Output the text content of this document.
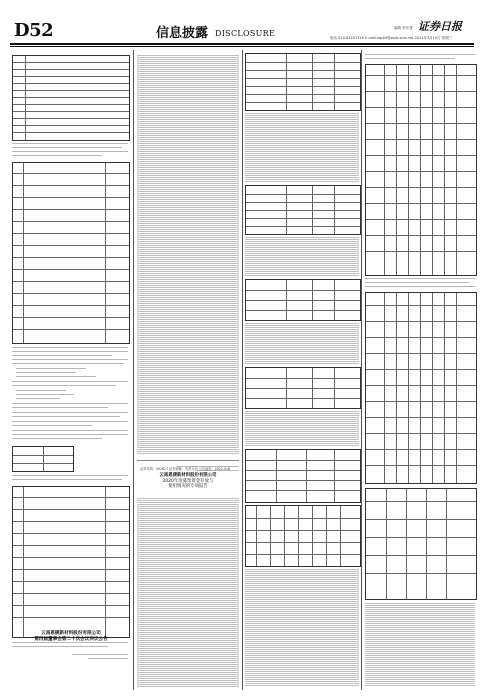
D52	信息披露 DISCLOSURE
编辑 李东建 证券日报
电话 010-83251716 E-mail:zqrb9@zqrb.sina.net 2021年3月10日 星期三
云南恩捷新材料股份有限公司
第四届董事会第二十次会议决议公告
证券代码：002627 证券简称：宜昌交运 公告编号：2021-018
云南恩捷新材料股份有限公司
2020年度募集资金存放与
使用情况的专项报告
